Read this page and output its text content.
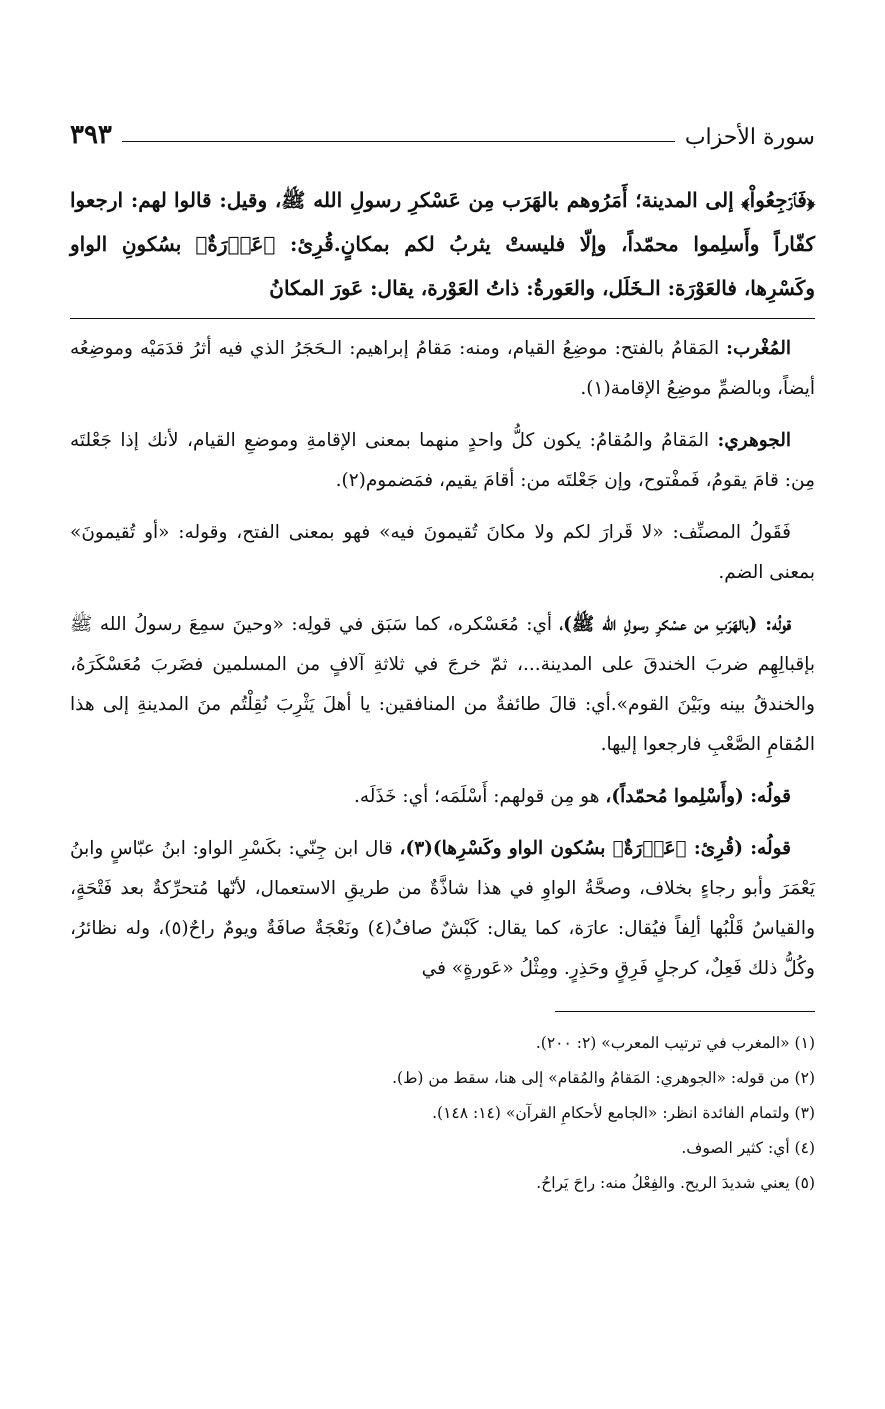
سورة الأحزاب
٣٩٣
﴿فَٱرۡجِعُواْ﴾ إلى المدينة؛ أَمَرُوهم بالهَرَب مِن عَسْكرِ رسولِ الله ﷺ، وقيل: قالوا لهم: ارجعوا كفّاراً وأَسلِموا محمّداً، وإلّا فليستْ يثربُ لكم بمكانٍ.قُرِئ: ﴿عَوۡرَةٌ﴾ بسُكونِ الواو وكَسْرِها، فالعَوْرَة: الـخَلَل، والعَورةُ: ذاتُ العَوْرة، يقال: عَورَ المكانُ

المُغْرب: المَقامُ بالفتح: موضِعُ القيام، ومنه: مَقامُ إبراهيم: الـحَجَرُ الذي فيه أثرُ قدَمَيْه وموضِعُه أيضاً، وبالضمِّ موضِعُ الإقامة(١).

الجوهري: المَقامُ والمُقامُ: يكون كلُّ واحدٍ منهما بمعنى الإقامةِ وموضعِ القيام، لأنك إذا جَعْلتَه مِن: قامَ يقومُ، فَمفْتوح، وإن جَعْلتَه من: أقامَ يقيم، فمَضموم(٢).

فَقَولُ المصنِّف: «لا قَرارَ لكم ولا مكانَ تُقيمونَ فيه» فهو بمعنى الفتح، وقوله: «أو تُقيمونَ» بمعنى الضم.

قولُه: (بالهَرَبِ من عسْكرِ رسولِ الله ﷺ)، أي: مُعَسْكره، كما سَبَق في قولِه: «وحينَ سمِعَ رسولُ الله ﷺ بإقبالِهِم ضربَ الخندقَ على المدينة...، ثمّ خرجَ في ثلاثةِ آلافٍ من المسلمين فضَربَ مُعَسْكَرَهُ، والخندقُ بينه وبَيْنَ القوم».أي: قالَ طائفةٌ من المنافقين: يا أهلَ يَثْرِبَ نُقِلْتُم منَ المدينةِ إلى هذا المُقامِ الصَّعْبِ فارجعوا إليها.

قولُه: (وأَسْلِموا مُحمّداً)، هو مِن قولهم: أَسْلَمَه؛ أي: خَذَلَه.

قولُه: (قُرِئ: ﴿عَوۡرَةٌ﴾ بسُكون الواو وكَسْرِها)(٣)، قال ابن جِنّي: بكَسْرِ الواو: ابنُ عبّاسٍ وابنُ يَعْمَرَ وأبو رجاءٍ بخلاف، وصحَّةُ الواوِ في هذا شاذَّةٌ من طريقِ الاستعمال، لأنّها مُتحرِّكةٌ بعد فَتْحَةٍ، والقياسُ قَلْبُها ألِفاً فيُقال: عارَة، كما يقال: كَبْشٌ صافٌ(٤) ونَعْجَةٌ صافَةٌ ويومٌ راحٌ(٥)، وله نظائرُ، وكُلُّ ذلك فَعِلٌ، كرجلٍ فَرِقٍ وحَذِرٍ. ومِثْلُ «عَورةٍ» في

(١) «المغرب في ترتيب المعرب» (٢: ٢٠٠).
(٢) من قوله: «الجوهري: المَقامُ والمُقام» إلى هنا، سقط من (ط).
(٣) ولتمام الفائدة انظر: «الجامع لأحكامِ القرآن» (١٤: ١٤٨).
(٤) أي: كثير الصوف.
(٥) يعني شديدَ الريح. والفِعْلُ منه: راحَ يَراحُ.
